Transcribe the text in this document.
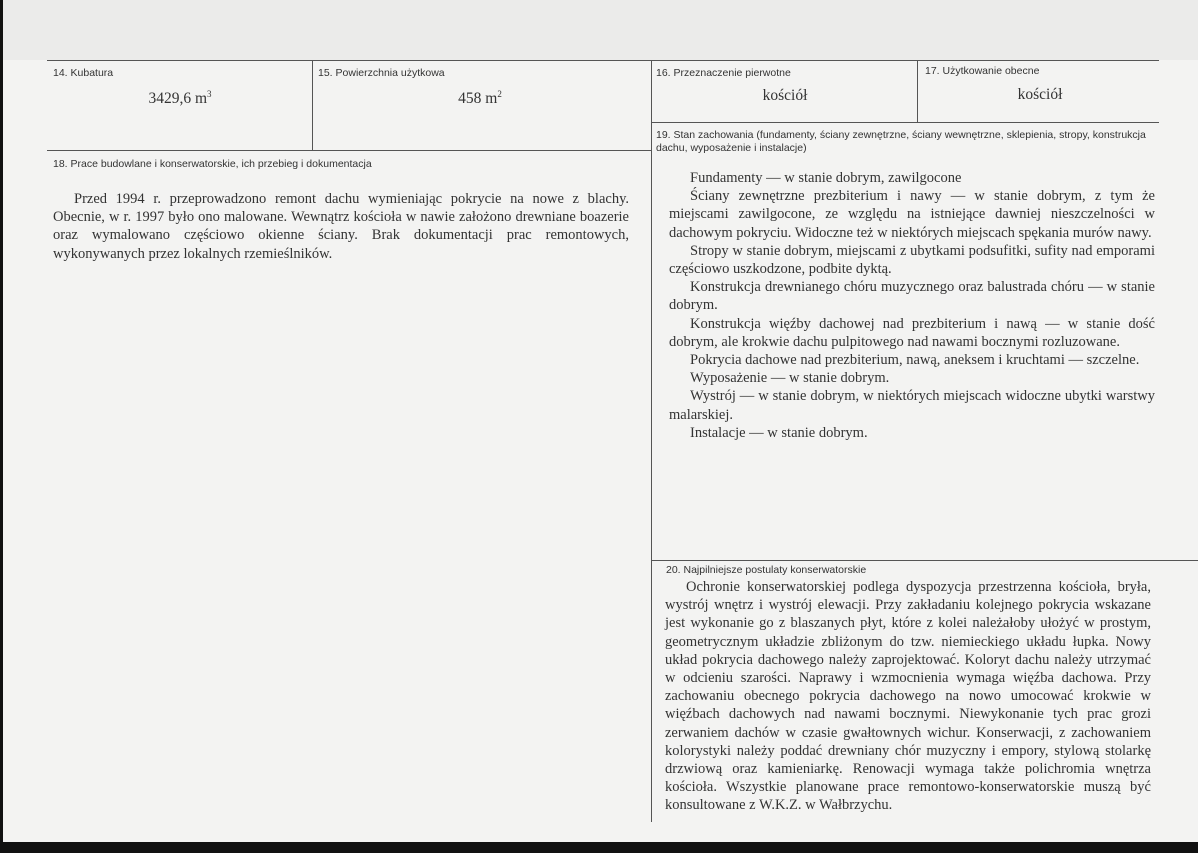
14. Kubatura
3429,6 $m^3$
15. Powierzchnia użytkowa
458 $m^2$
16. Przeznaczenie pierwotne
kościół
17. Użytkowanie obecne
kościół
18. Prace budowlane i konserwatorskie, ich przebieg i dokumentacja

Przed 1994 r. przeprowadzono remont dachu wymieniając pokrycie na nowe z blachy. Obecnie, w r. 1997 było ono malowane. Wewnątrz kościoła w nawie założono drewniane boazerie oraz wymalowano częściowo okienne ściany. Brak dokumentacji prac remontowych, wykonywanych przez lokalnych rzemieślników.

19. Stan zachowania (fundamenty, ściany zewnętrzne, ściany wewnętrzne, sklepienia, stropy, konstrukcja dachu, wyposażenie i instalacje)

Fundamenty — w stanie dobrym, zawilgocone

Ściany zewnętrzne prezbiterium i nawy — w stanie dobrym, z tym że miejscami zawilgocone, ze względu na istniejące dawniej nieszczelności w dachowym pokryciu. Widoczne też w niektórych miejscach spękania murów nawy.

Stropy w stanie dobrym, miejscami z ubytkami podsufitki, sufity nad emporami częściowo uszkodzone, podbite dyktą.

Konstrukcja drewnianego chóru muzycznego oraz balustrada chóru — w stanie dobrym.

Konstrukcja więźby dachowej nad prezbiterium i nawą — w stanie dość dobrym, ale krokwie dachu pulpitowego nad nawami bocznymi rozluzowane.

Pokrycia dachowe nad prezbiterium, nawą, aneksem i kruchtami — szczelne.

Wyposażenie — w stanie dobrym.

Wystrój — w stanie dobrym, w niektórych miejscach widoczne ubytki warstwy malarskiej.

Instalacje — w stanie dobrym.

20. Najpilniejsze postulaty konserwatorskie

Ochronie konserwatorskiej podlega dyspozycja przestrzenna kościoła, bryła, wystrój wnętrz i wystrój elewacji. Przy zakładaniu kolejnego pokrycia wskazane jest wykonanie go z blaszanych płyt, które z kolei należałoby ułożyć w prostym, geometrycznym układzie zbliżonym do tzw. niemieckiego układu łupka. Nowy układ pokrycia dachowego należy zaprojektować. Koloryt dachu należy utrzymać w odcieniu szarości. Naprawy i wzmocnienia wymaga więźba dachowa. Przy zachowaniu obecnego pokrycia dachowego na nowo umocować krokwie w więźbach dachowych nad nawami bocznymi. Niewykonanie tych prac grozi zerwaniem dachów w czasie gwałtownych wichur. Konserwacji, z zachowaniem kolorystyki należy poddać drewniany chór muzyczny i empory, stylową stolarkę drzwiową oraz kamieniarkę. Renowacji wymaga także polichromia wnętrza kościoła. Wszystkie planowane prace remontowo-konserwatorskie muszą być konsultowane z W.K.Z. w Wałbrzychu.
